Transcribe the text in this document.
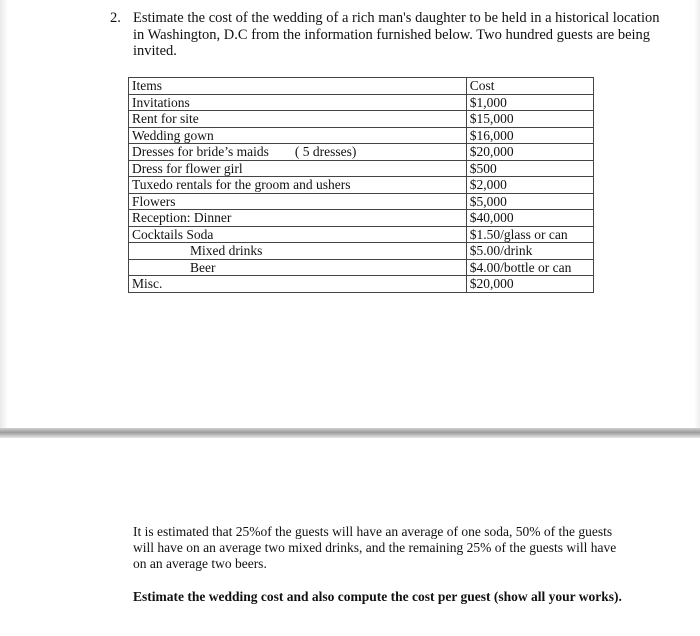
2. Estimate the cost of the wedding of a rich man's daughter to be held in a historical location in Washington, D.C from the information furnished below. Two hundred guests are being invited.
Items	Cost
Invitations	$1,000
Rent for site	$15,000
Wedding gown	$16,000
Dresses for bride’s maids ( 5 dresses)	$20,000
Dress for flower girl	$500
Tuxedo rentals for the groom and ushers	$2,000
Flowers	$5,000
Reception: Dinner	$40,000
Cocktails Soda	$1.50/glass or can
Mixed drinks	$5.00/drink
Beer	$4.00/bottle or can
Misc.	$20,000
It is estimated that 25%of the guests will have an average of one soda, 50% of the guests will have on an average two mixed drinks, and the remaining 25% of the guests will have on an average two beers.
Estimate the wedding cost and also compute the cost per guest (show all your works).
